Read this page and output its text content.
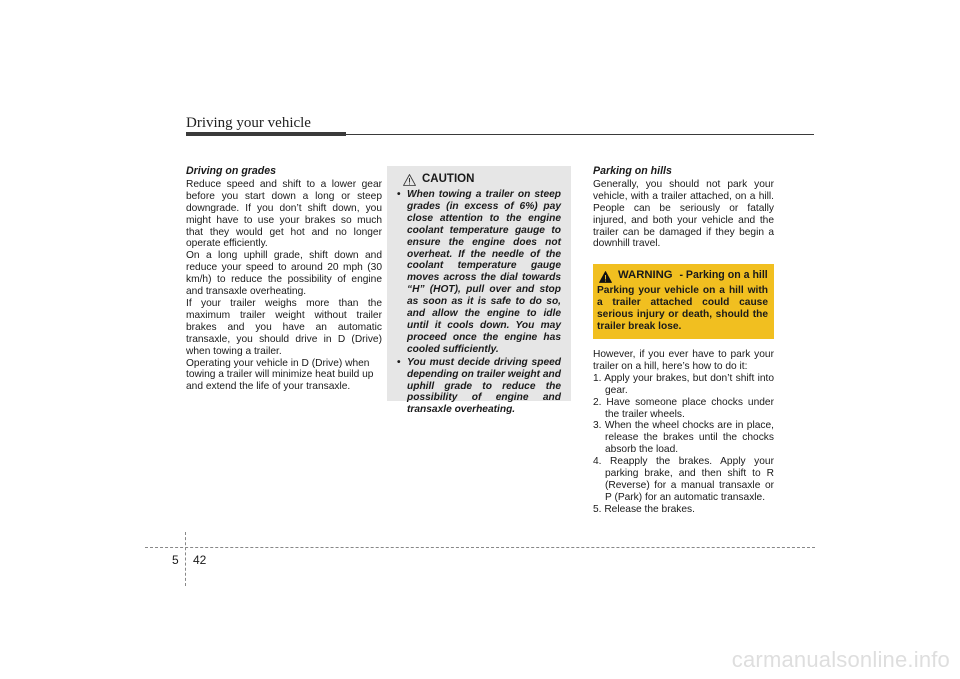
Driving your vehicle
Driving on grades

Reduce speed and shift to a lower gear before you start down a long or steep downgrade. If you don’t shift down, you might have to use your brakes so much that they would get hot and no longer operate efficiently.

On a long uphill grade, shift down and reduce your speed to around 20 mph (30 km/h) to reduce the possibility of engine and transaxle overheating.

If your trailer weighs more than the maximum trailer weight without trailer brakes and you have an automatic transaxle, you should drive in D (Drive) when towing a trailer.

Operating your vehicle in D (Drive) when towing a trailer will minimize heat build up and extend the life of your transaxle.

CAUTION
• When towing a trailer on steep grades (in excess of 6%) pay close attention to the engine coolant temperature gauge to ensure the engine does not overheat. If the needle of the coolant temperature gauge moves across the dial towards “H” (HOT), pull over and stop as soon as it is safe to do so, and allow the engine to idle until it cools down. You may proceed once the engine has cooled sufficiently.
• You must decide driving speed depending on trailer weight and uphill grade to reduce the possibility of engine and transaxle overheating.
Parking on hills

Generally, you should not park your vehicle, with a trailer attached, on a hill. People can be seriously or fatally injured, and both your vehicle and the trailer can be damaged if they begin a downhill travel.

WARNING - Parking on a hill
Parking your vehicle on a hill with a trailer attached could cause serious injury or death, should the trailer break lose.

However, if you ever have to park your trailer on a hill, here’s how to do it:

1. Apply your brakes, but don’t shift into gear.
2. Have someone place chocks under the trailer wheels.
3. When the wheel chocks are in place, release the brakes until the chocks absorb the load.
4. Reapply the brakes. Apply your parking brake, and then shift to R (Reverse) for a manual transaxle or P (Park) for an automatic transaxle.
5. Release the brakes.
5 42
carmanualsonline.info
